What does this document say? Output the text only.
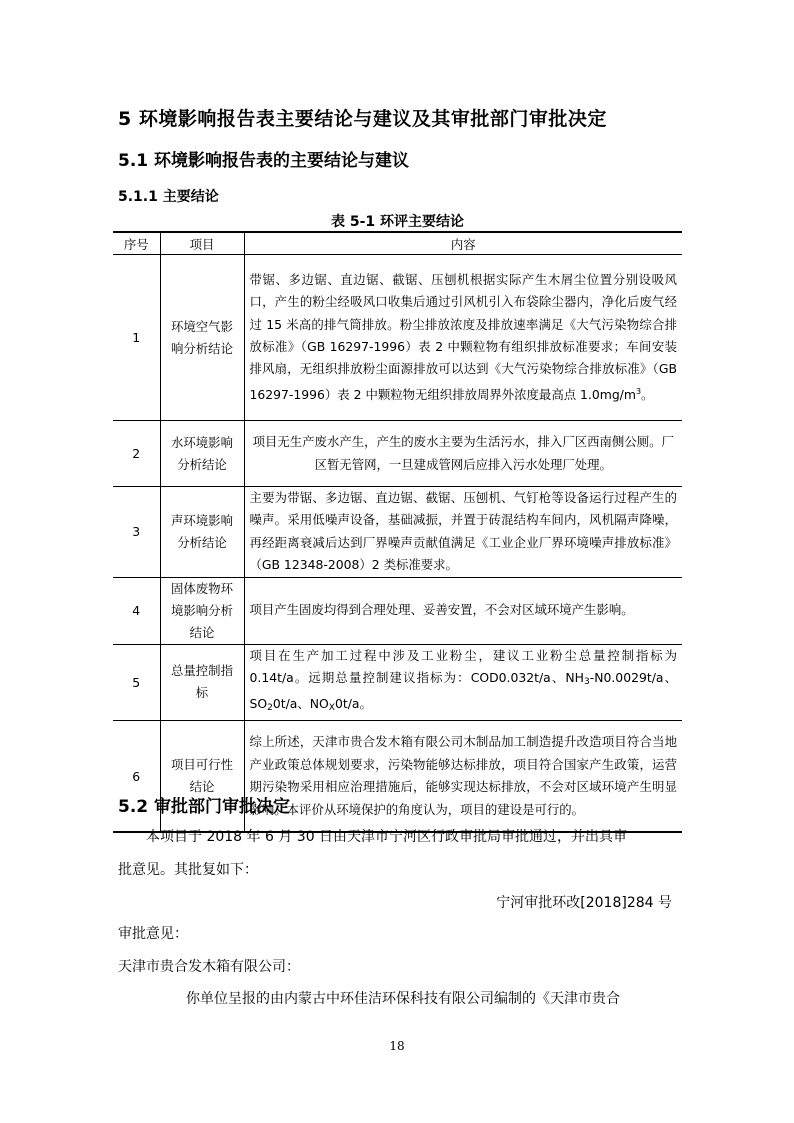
5 环境影响报告表主要结论与建议及其审批部门审批决定
5.1 环境影响报告表的主要结论与建议
5.1.1 主要结论
表 5-1 环评主要结论
序号	项目	内容
1	环境空气影响分析结论	带锯、多边锯、直边锯、截锯、压刨机根据实际产生木屑尘位置分别设吸风口，产生的粉尘经吸风口收集后通过引风机引入布袋除尘器内，净化后废气经过 15 米高的排气筒排放。粉尘排放浓度及排放速率满足《大气污染物综合排放标准》（GB 16297-1996）表 2 中颗粒物有组织排放标准要求；车间安装排风扇，无组织排放粉尘面源排放可以达到《大气污染物综合排放标准》（GB 16297-1996）表 2 中颗粒物无组织排放周界外浓度最高点 $1.0mg/m^3$。
2	水环境影响分析结论	项目无生产废水产生，产生的废水主要为生活污水，排入厂区西南侧公厕。厂区暂无管网，一旦建成管网后应排入污水处理厂处理。
3	声环境影响分析结论	主要为带锯、多边锯、直边锯、截锯、压刨机、气钉枪等设备运行过程产生的噪声。采用低噪声设备，基础减振，并置于砖混结构车间内，风机隔声降噪，再经距离衰减后达到厂界噪声贡献值满足《工业企业厂界环境噪声排放标准》（GB 12348-2008）2 类标准要求。
4	固体废物环境影响分析结论	项目产生固废均得到合理处理、妥善安置，不会对区域环境产生影响。
5	总量控制指标	项目在生产加工过程中涉及工业粉尘，建议工业粉尘总量控制指标为 0.14t/a。远期总量控制建议指标为：COD0.032t/a、$NH_3-N0.0029t/a$、$SO_20t/a$、$NO_X0t/a$。
6	项目可行性结论	综上所述，天津市贵合发木箱有限公司木制品加工制造提升改造项目符合当地产业政策总体规划要求，污染物能够达标排放，项目符合国家产生政策，运营期污染物采用相应治理措施后，能够实现达标排放，不会对区域环境产生明显影响。本评价从环境保护的角度认为，项目的建设是可行的。
5.2 审批部门审批决定
本项目于 2018 年 6 月 30 日由天津市宁河区行政审批局审批通过，并出具审
批意见。其批复如下：
宁河审批环改[2018]284 号
审批意见：
天津市贵合发木箱有限公司：
你单位呈报的由内蒙古中环佳洁环保科技有限公司编制的《天津市贵合
18
